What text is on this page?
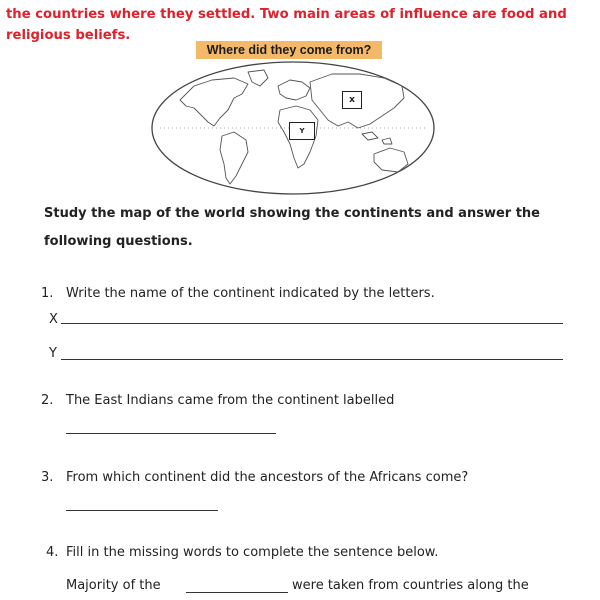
the countries where they settled. Two main areas of influence are food and
religious beliefs.
Where did they come from?
x
Y
Study the map of the world showing the continents and answer the
following questions.
1. Write the name of the continent indicated by the letters.
X
Y
2. The East Indians came from the continent labelled
3. From which continent did the ancestors of the Africans come?
4. Fill in the missing words to complete the sentence below.
Majority of the	were taken from countries along the
